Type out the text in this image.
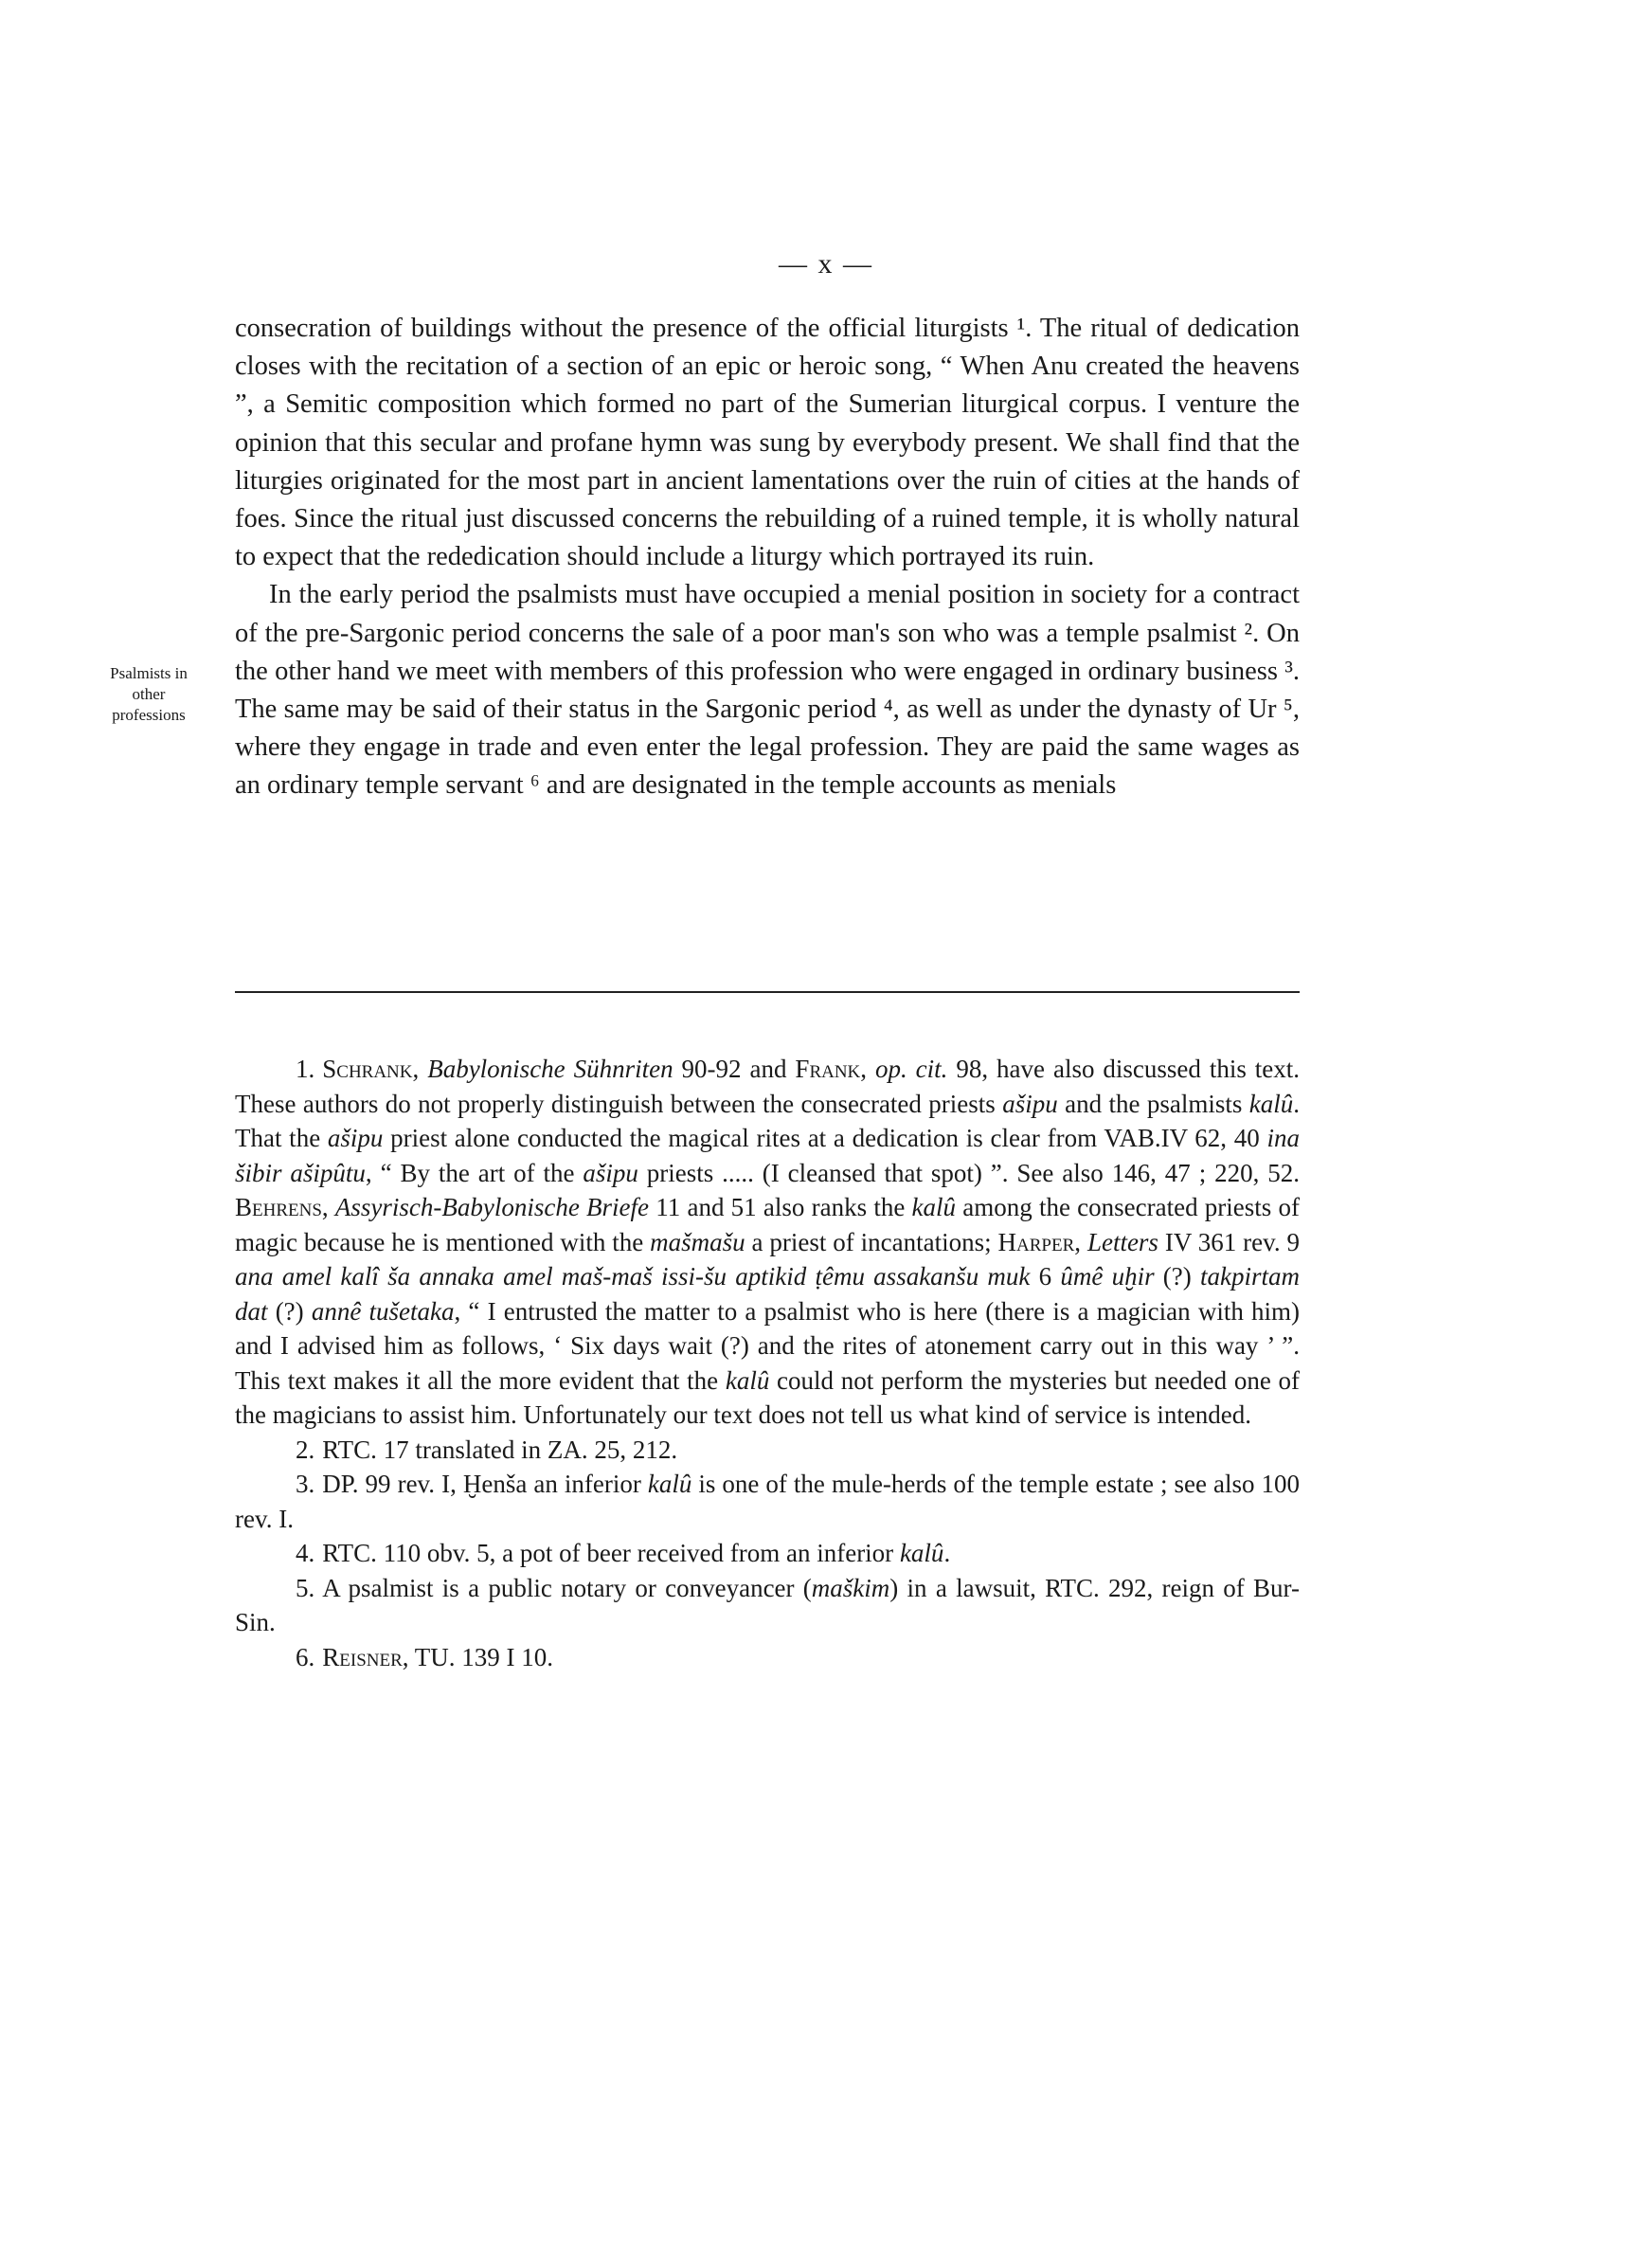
— x —
Psalmists in
other
professions

consecration of buildings without the presence of the official liturgists ¹. The ritual of dedication closes with the recitation of a section of an epic or heroic song, “ When Anu created the heavens ”, a Semitic composition which formed no part of the Sumerian liturgical corpus. I venture the opinion that this secular and profane hymn was sung by everybody present. We shall find that the liturgies originated for the most part in ancient lamentations over the ruin of cities at the hands of foes. Since the ritual just discussed concerns the rebuilding of a ruined temple, it is wholly natural to expect that the rededication should include a liturgy which portrayed its ruin.

In the early period the psalmists must have occupied a menial position in society for a contract of the pre-Sargonic period concerns the sale of a poor man's son who was a temple psalmist ². On the other hand we meet with members of this profession who were engaged in ordinary business ³. The same may be said of their status in the Sargonic period ⁴, as well as under the dynasty of Ur ⁵, where they engage in trade and even enter the legal profession. They are paid the same wages as an ordinary temple servant ⁶ and are designated in the temple accounts as menials

1. Schrank, Babylonische Sühnriten 90-92 and Frank, op. cit. 98, have also discussed this text. These authors do not properly distinguish between the consecrated priests ašipu and the psalmists kalû. That the ašipu priest alone conducted the magical rites at a dedication is clear from VAB.IV 62, 40 ina šibir ašipûtu, “ By the art of the ašipu priests ..... (I cleansed that spot) ”. See also 146, 47 ; 220, 52. Behrens, Assyrisch-Babylonische Briefe 11 and 51 also ranks the kalû among the consecrated priests of magic because he is mentioned with the mašmašu a priest of incantations; Harper, Letters IV 361 rev. 9 ana amel kalî ša annaka amel maš-maš issi-šu aptikid ṭêmu assakanšu muk 6 ûmê uḫir (?) takpirtam dat (?) annê tušetaka, “ I entrusted the matter to a psalmist who is here (there is a magician with him) and I advised him as follows, ‘ Six days wait (?) and the rites of atonement carry out in this way ’ ”. This text makes it all the more evident that the kalû could not perform the mysteries but needed one of the magicians to assist him. Unfortunately our text does not tell us what kind of service is intended.

2. RTC. 17 translated in ZA. 25, 212.

3. DP. 99 rev. I, Ḫenša an inferior kalû is one of the mule-herds of the temple estate ; see also 100 rev. I.

4. RTC. 110 obv. 5, a pot of beer received from an inferior kalû.

5. A psalmist is a public notary or conveyancer (maškim) in a lawsuit, RTC. 292, reign of Bur-Sin.

6. Reisner, TU. 139 I 10.
